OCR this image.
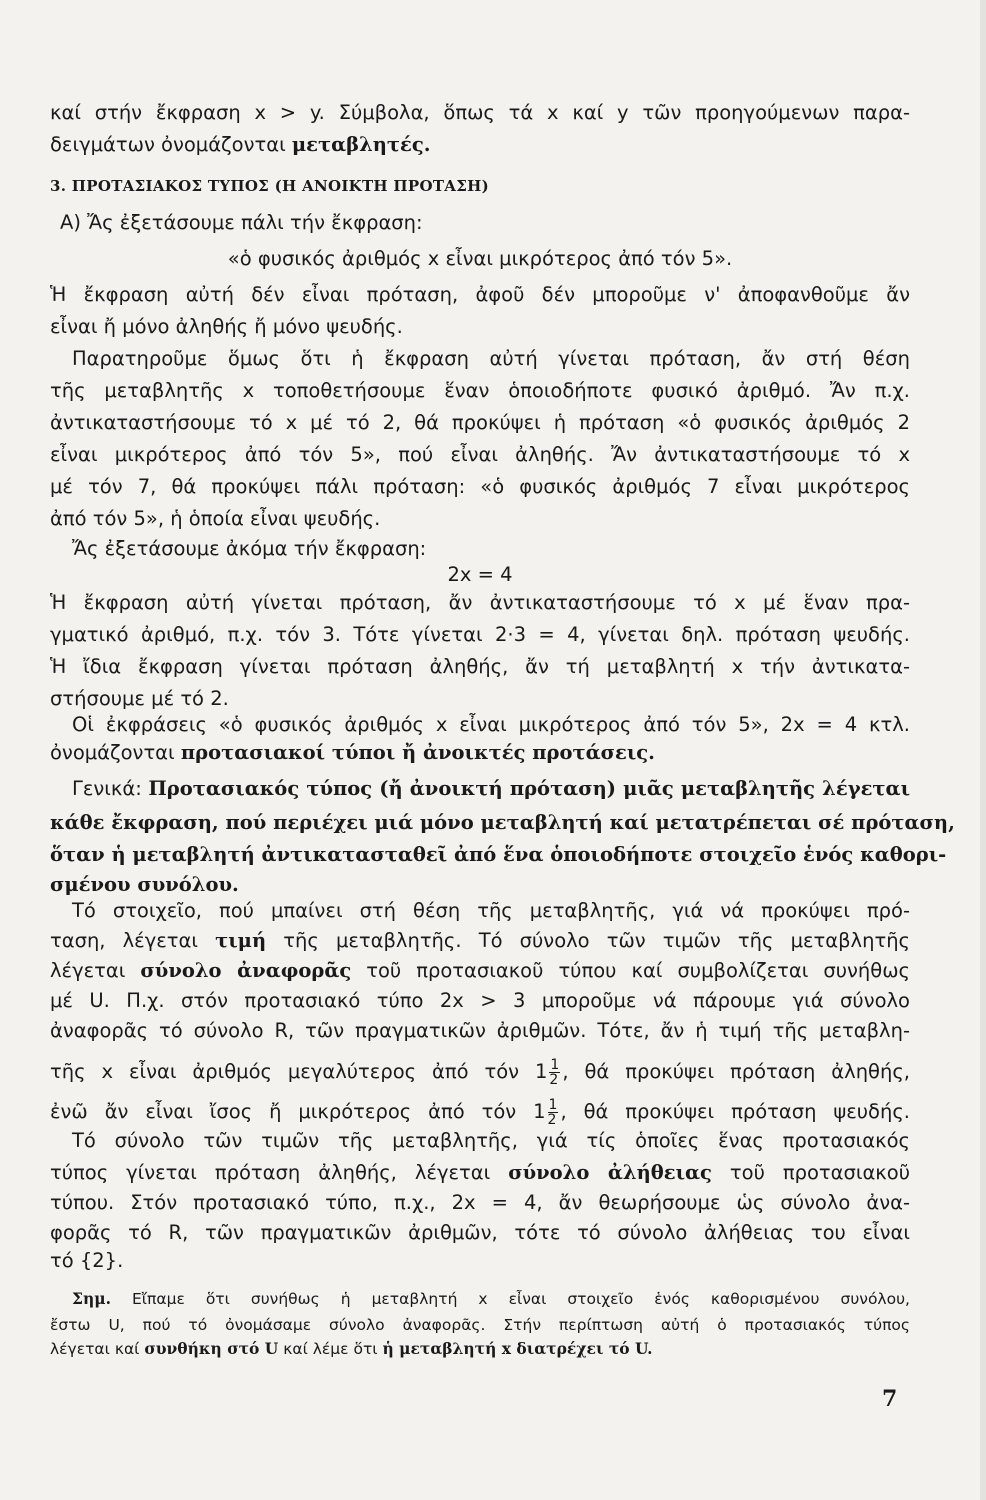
καί στήν ἔκφραση x > y. Σύμβολα, ὅπως τά x καί y τῶν προηγούμενων παρα-
δειγμάτων ὀνομάζονται μεταβλητές.
3. ΠΡΟΤΑΣΙΑΚΟΣ ΤΥΠΟΣ (Η ΑΝΟΙΚΤΗ ΠΡΟΤΑΣΗ)
Α) Ἄς ἐξετάσουμε πάλι τήν ἔκφραση:
«ὁ φυσικός ἀριθμός x εἶναι μικρότερος ἀπό τόν 5».
Ἡ ἔκφραση αὐτή δέν εἶναι πρόταση, ἀφοῦ δέν μποροῦμε ν' ἀποφανθοῦμε ἄν
εἶναι ἤ μόνο ἀληθής ἤ μόνο ψευδής.
Παρατηροῦμε ὅμως ὅτι ἡ ἔκφραση αὐτή γίνεται πρόταση, ἄν στή θέση
τῆς μεταβλητῆς x τοποθετήσουμε ἕναν ὁποιοδήποτε φυσικό ἀριθμό. Ἄν π.χ.
ἀντικαταστήσουμε τό x μέ τό 2, θά προκύψει ἡ πρόταση «ὁ φυσικός ἀριθμός 2
εἶναι μικρότερος ἀπό τόν 5», πού εἶναι ἀληθής. Ἄν ἀντικαταστήσουμε τό x
μέ τόν 7, θά προκύψει πάλι πρόταση: «ὁ φυσικός ἀριθμός 7 εἶναι μικρότερος
ἀπό τόν 5», ἡ ὁποία εἶναι ψευδής.
Ἄς ἐξετάσουμε ἀκόμα τήν ἔκφραση:
2x = 4
Ἡ ἔκφραση αὐτή γίνεται πρόταση, ἄν ἀντικαταστήσουμε τό x μέ ἕναν πρα-
γματικό ἀριθμό, π.χ. τόν 3. Τότε γίνεται 2·3 = 4, γίνεται δηλ. πρόταση ψευδής.
Ἡ ἴδια ἔκφραση γίνεται πρόταση ἀληθής, ἄν τή μεταβλητή x τήν ἀντικατα-
στήσουμε μέ τό 2.
Οἱ ἐκφράσεις «ὁ φυσικός ἀριθμός x εἶναι μικρότερος ἀπό τόν 5», 2x = 4 κτλ.
ὀνομάζονται προτασιακοί τύποι ἤ ἀνοικτές προτάσεις.
Γενικά: Προτασιακός τύπος (ἤ ἀνοικτή πρόταση) μιᾶς μεταβλητῆς λέγεται
κάθε ἔκφραση, πού περιέχει μιά μόνο μεταβλητή καί μετατρέπεται σέ πρόταση,
ὅταν ἡ μεταβλητή ἀντικατασταθεῖ ἀπό ἕνα ὁποιοδήποτε στοιχεῖο ἑνός καθορι-
σμένου συνόλου.
Τό στοιχεῖο, πού μπαίνει στή θέση τῆς μεταβλητῆς, γιά νά προκύψει πρό-
ταση, λέγεται τιμή τῆς μεταβλητῆς. Τό σύνολο τῶν τιμῶν τῆς μεταβλητῆς
λέγεται σύνολο ἀναφορᾶς τοῦ προτασιακοῦ τύπου καί συμβολίζεται συνήθως
μέ U. Π.χ. στόν προτασιακό τύπο 2x > 3 μποροῦμε νά πάρουμε γιά σύνολο
ἀναφορᾶς τό σύνολο R, τῶν πραγματικῶν ἀριθμῶν. Τότε, ἄν ἡ τιμή τῆς μεταβλη-
τῆς x εἶναι ἀριθμός μεγαλύτερος ἀπό τόν $1 \frac{1}{2}$ , θά προκύψει πρόταση ἀληθής,
ἐνῶ ἄν εἶναι ἴσος ἤ μικρότερος ἀπό τόν $1 \frac{1}{2}$ , θά προκύψει πρόταση ψευδής.
Τό σύνολο τῶν τιμῶν τῆς μεταβλητῆς, γιά τίς ὁποῖες ἕνας προτασιακός
τύπος γίνεται πρόταση ἀληθής, λέγεται σύνολο ἀλήθειας τοῦ προτασιακοῦ
τύπου. Στόν προτασιακό τύπο, π.χ., 2x = 4, ἄν θεωρήσουμε ὡς σύνολο ἀνα-
φορᾶς τό R, τῶν πραγματικῶν ἀριθμῶν, τότε τό σύνολο ἀλήθειας του εἶναι
τό {2}.
Σημ. Εἴπαμε ὅτι συνήθως ἡ μεταβλητή x εἶναι στοιχεῖο ἑνός καθορισμένου συνόλου,
ἔστω U, πού τό ὀνομάσαμε σύνολο ἀναφορᾶς. Στήν περίπτωση αὐτή ὁ προτασιακός τύπος
λέγεται καί συνθήκη στό U καί λέμε ὅτι ἡ μεταβλητή x διατρέχει τό U.
7
